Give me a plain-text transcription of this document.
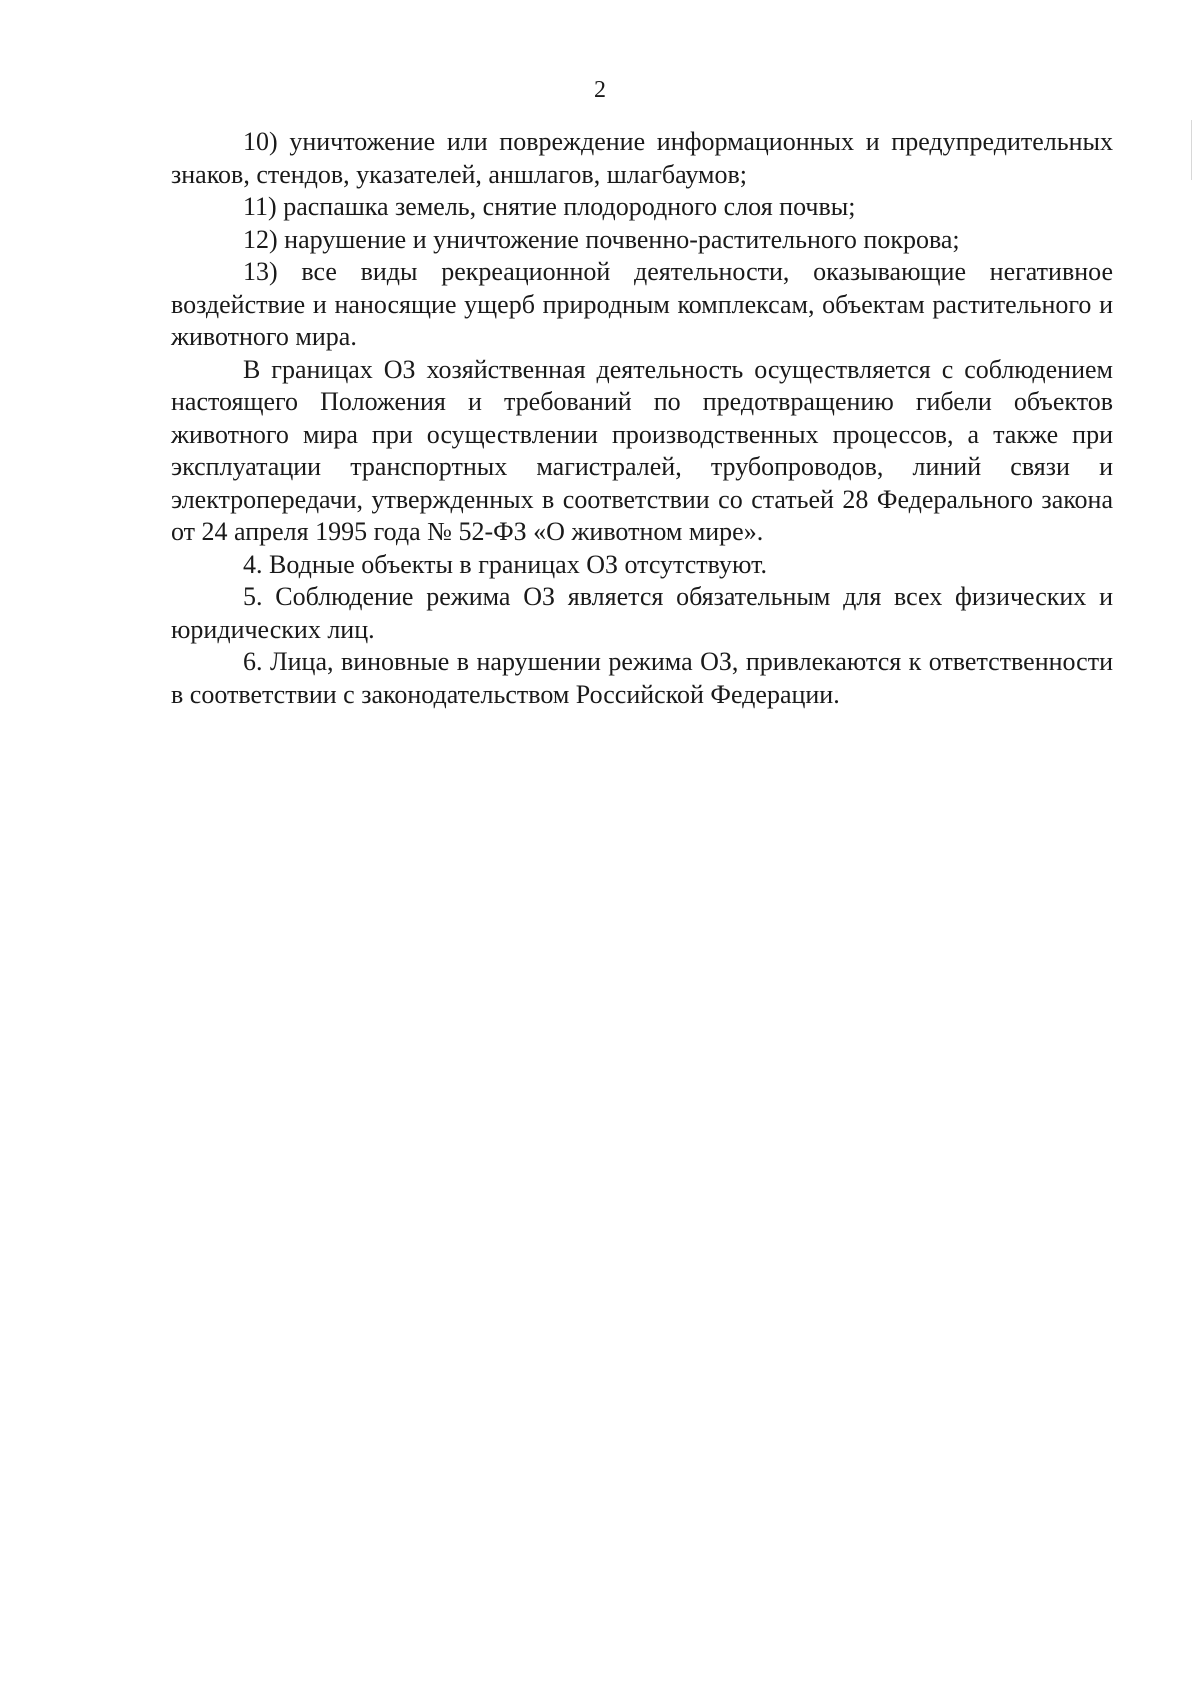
2

10) уничтожение или повреждение информационных и предупредительных знаков, стендов, указателей, аншлагов, шлагбаумов;

11) распашка земель, снятие плодородного слоя почвы;

12) нарушение и уничтожение почвенно-растительного покрова;

13) все виды рекреационной деятельности, оказывающие негативное воздействие и наносящие ущерб природным комплексам, объектам растительного и животного мира.

В границах ОЗ хозяйственная деятельность осуществляется с соблюдением настоящего Положения и требований по предотвращению гибели объектов животного мира при осуществлении производственных процессов, а также при эксплуатации транспортных магистралей, трубопроводов, линий связи и электропередачи, утвержденных в соответствии со статьей 28 Федерального закона от 24 апреля 1995 года № 52-ФЗ «О животном мире».

4. Водные объекты в границах ОЗ отсутствуют.

5. Соблюдение режима ОЗ является обязательным для всех физических и юридических лиц.

6. Лица, виновные в нарушении режима ОЗ, привлекаются к ответственности в соответствии с законодательством Российской Федерации.
